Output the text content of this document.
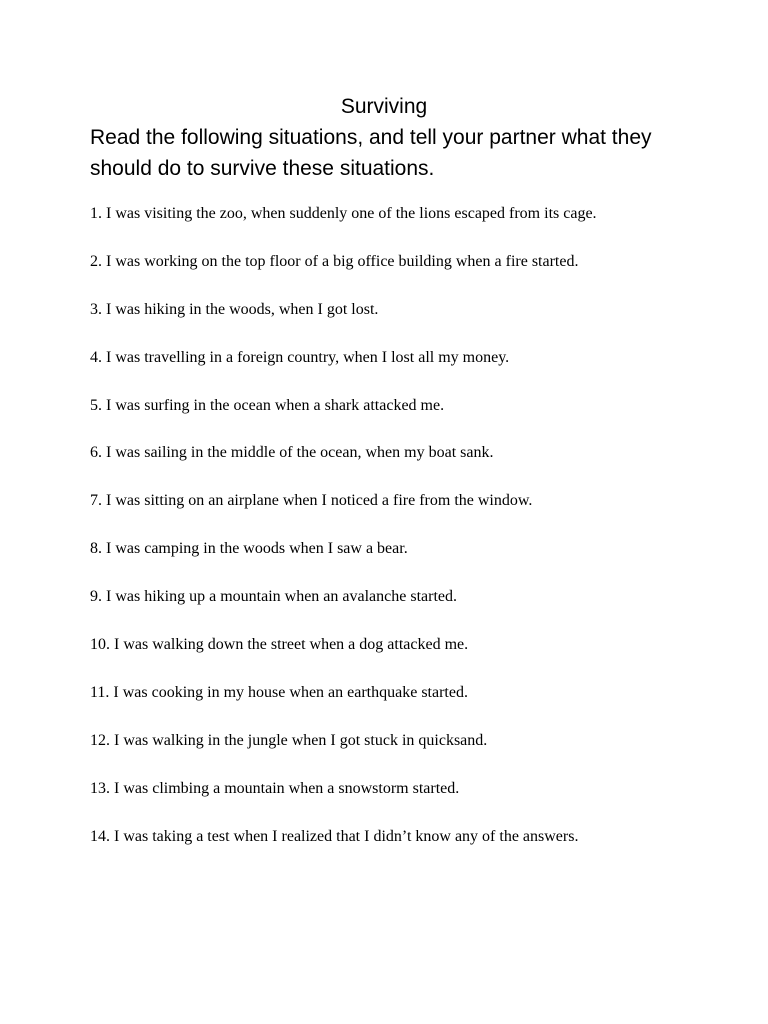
Surviving

Read the following situations, and tell your partner what they should do to survive these situations.

1. I was visiting the zoo, when suddenly one of the lions escaped from its cage.
2. I was working on the top floor of a big office building when a fire started.
3. I was hiking in the woods, when I got lost.
4. I was travelling in a foreign country, when I lost all my money.
5. I was surfing in the ocean when a shark attacked me.
6. I was sailing in the middle of the ocean, when my boat sank.
7. I was sitting on an airplane when I noticed a fire from the window.
8. I was camping in the woods when I saw a bear.
9. I was hiking up a mountain when an avalanche started.
10. I was walking down the street when a dog attacked me.
11. I was cooking in my house when an earthquake started.
12. I was walking in the jungle when I got stuck in quicksand.
13. I was climbing a mountain when a snowstorm started.
14. I was taking a test when I realized that I didn’t know any of the answers.
